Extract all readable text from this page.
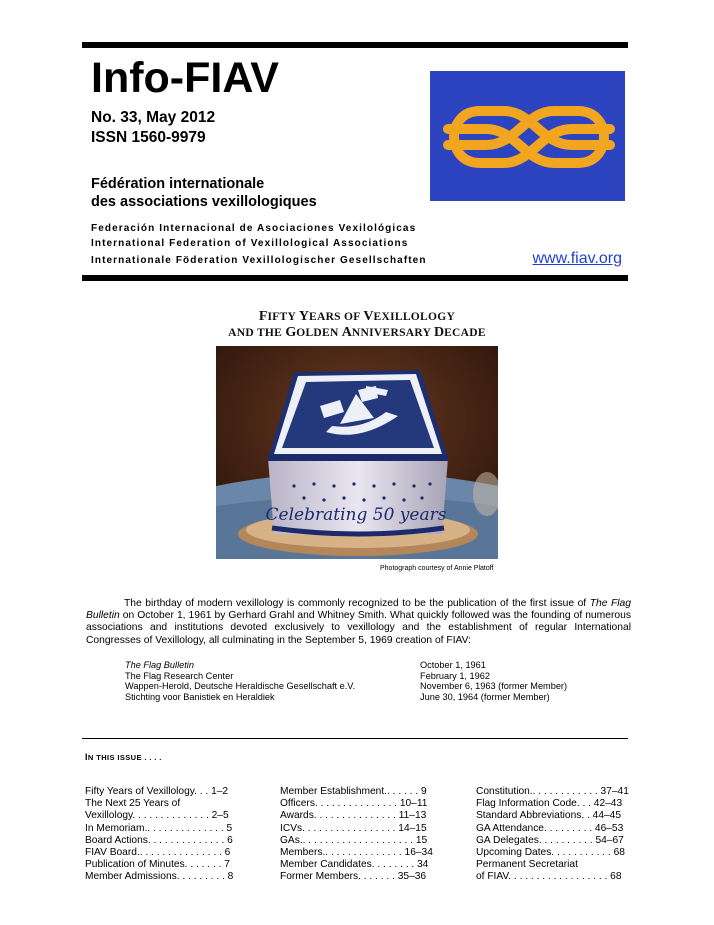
Info-FIAV
No. 33, May 2012
ISSN 1560-9979
Fédération internationale
des associations vexillologiques
Federación Internacional de Asociaciones Vexilológicas
International Federation of Vexillological Associations
Internationale Föderation Vexillologischer Gesellschaften	www.fiav.org
FIFTY YEARS OF VEXILLOLOGY
AND THE GOLDEN ANNIVERSARY DECADE
Celebrating 50 years
Photograph courtesy of Annie Platoff
The birthday of modern vexillology is commonly recognized to be the publication of the first issue of The Flag Bulletin on October 1, 1961 by Gerhard Grahl and Whitney Smith. What quickly followed was the founding of numerous associations and institutions devoted exclusively to vexillology and the establishment of regular International Congresses of Vexillology, all culminating in the September 5, 1969 creation of FIAV:
The Flag Bulletin	October 1, 1961
The Flag Research Center	February 1, 1962
Wappen-Herold, Deutsche Heraldische Gesellschaft e.V.	November 6, 1963 (former Member)
Stichting voor Banistiek en Heraldiek	June 30, 1964 (former Member)
IN THIS ISSUE . . . .
Fifty Years of Vexillology. . . 1–2
The Next 25 Years of
Vexillology. . . . . . . . . . . . . . 2–5
In Memoriam.. . . . . . . . . . . . . . 5
Board Actions. . . . . . . . . . . . . . 6
FIAV Board.. . . . . . . . . . . . . . . 6
Publication of Minutes. . . . . . . 7
Member Admissions. . . . . . . . . 8
Member Establishment.. . . . . . 9
Officers. . . . . . . . . . . . . . . 10–11
Awards. . . . . . . . . . . . . . . 11–13
ICVs. . . . . . . . . . . . . . . . . 14–15
GAs.. . . . . . . . . . . . . . . . . . . . 15
Members.. . . . . . . . . . . . . . 16–34
Member Candidates. . . . . . . . 34
Former Members. . . . . . . 35–36
Constitution.. . . . . . . . . . . . 37–41
Flag Information Code. . . 42–43
Standard Abbreviations. . 44–45
GA Attendance. . . . . . . . . 46–53
GA Delegates. . . . . . . . . . 54–67
Upcoming Dates. . . . . . . . . . . 68
Permanent Secretariat
of FIAV. . . . . . . . . . . . . . . . . . 68
